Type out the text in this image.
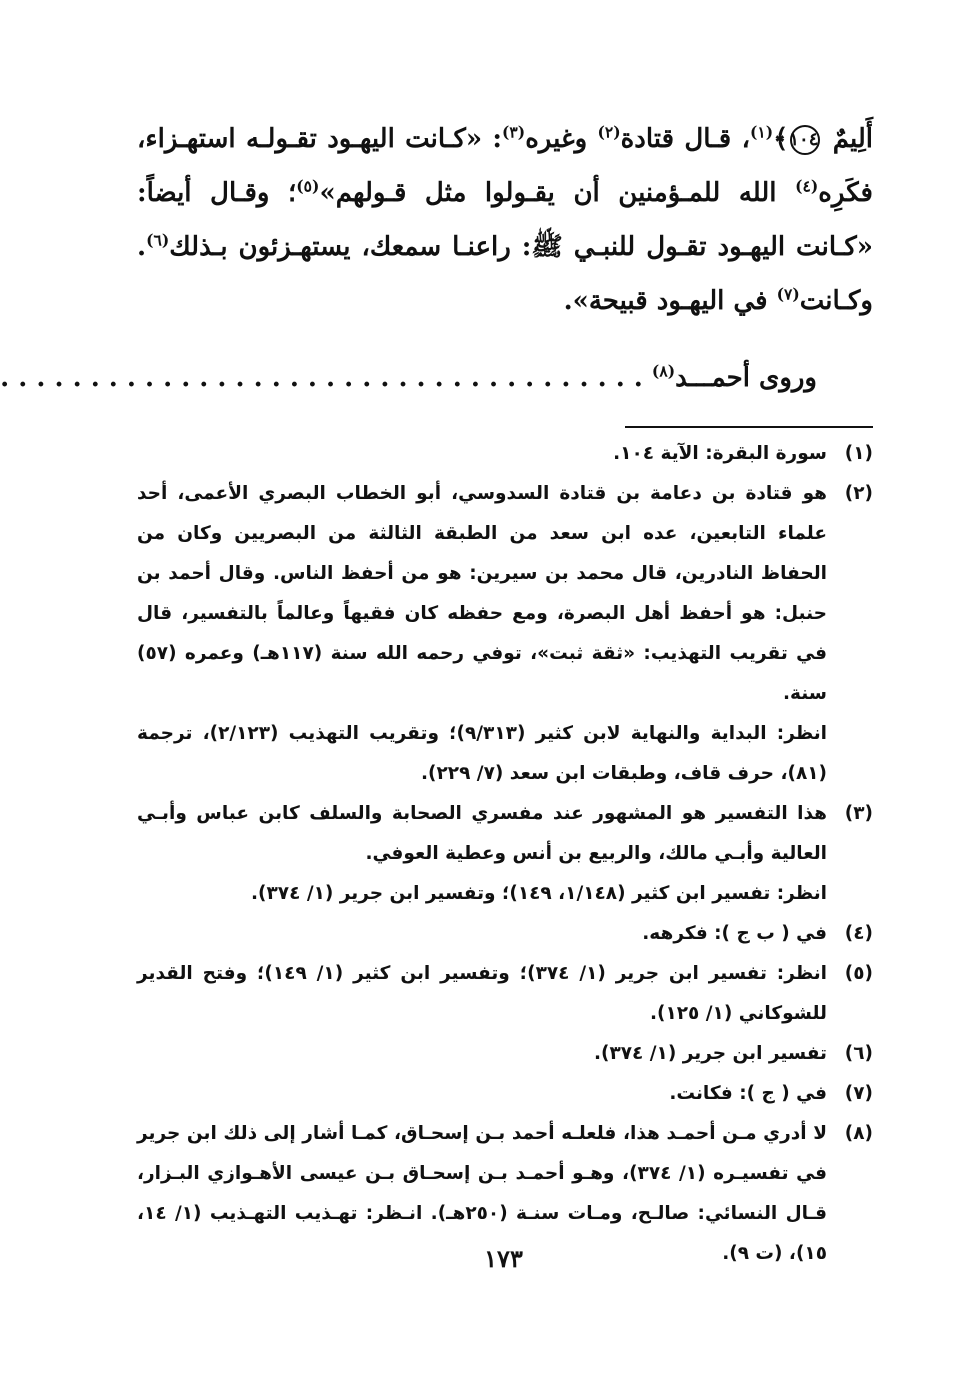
أَلِيمٌ ١٠٤﴾$^{(١)}$، قـال قتادة$^{(٢)}$ وغيره$^{(٣)}$: «كـانت اليهـود تقـولـه استهـزاء، فكَرِه$^{(٤)}$ الله للمـؤمنين أن يقـولوا مثل قـولهم»$^{(٥)}$؛ وقـال أيضاً: «كـانت اليهـود تقـول للنبـي ﷺ: راعنـا سمعك، يستهـزئون بـذلك$^{(٦)}$. وكـانت$^{(٧)}$ في اليهـود قبيحة».

وروى أحمـــد$^{(٨)}$ . . . . . . . . . . . . . . . . . . . . . . . . . . . . . . . . . . . .
(١)

سورة البقرة: الآية ١٠٤.

(٢)

هو قتادة بن دعامة بن قتادة السدوسي، أبو الخطاب البصري الأعمى، أحد علماء التابعين، عده ابن سعد من الطبقة الثالثة من البصريين وكان من الحفاظ النادرين، قال محمد بن سيرين: هو من أحفظ الناس. وقال أحمد بن حنبل: هو أحفظ أهل البصرة، ومع حفظه كان فقيهاً وعالماً بالتفسير، قال في تقريب التهذيب: «ثقة ثبت»، توفي رحمه الله سنة (١١٧هـ) وعمره (٥٧) سنة.

انظر: البداية والنهاية لابن كثير (٩/٣١٣)؛ وتقريب التهذيب (٢/١٢٣)، ترجمة (٨١)، حرف قاف، وطبقات ابن سعد (٧/ ٢٢٩).

(٣)

هذا التفسير هو المشهور عند مفسري الصحابة والسلف كابن عباس وأبـي العالية وأبـي مالك، والربيع بن أنس وعطية العوفي.

انظر: تفسير ابن كثير (١/١٤٨، ١٤٩)؛ وتفسير ابن جرير (١/ ٣٧٤).

(٤)

في ( ب ج ): فكرهه.

(٥)

انظر: تفسير ابن جرير (١/ ٣٧٤)؛ وتفسير ابن كثير (١/ ١٤٩)؛ وفتح القدير للشوكاني (١/ ١٢٥).

(٦)

تفسير ابن جرير (١/ ٣٧٤).

(٧)

في ( ج ): فكانت.

(٨)

لا أدري مـن أحمـد هذا، فلعلـه أحمد بـن إسحـاق، كمـا أشار إلى ذلك ابن جرير في تفسيـره (١/ ٣٧٤)، وهـو أحمـد بـن إسحـاق بـن عيسى الأهـوازي البـزار، قـال النسائي: صالـح، ومـات سنـة (٢٥٠هـ). انـظر: تهـذيب التهـذيب (١/ ١٤، ١٥)، (ت ٩).

١٧٣
